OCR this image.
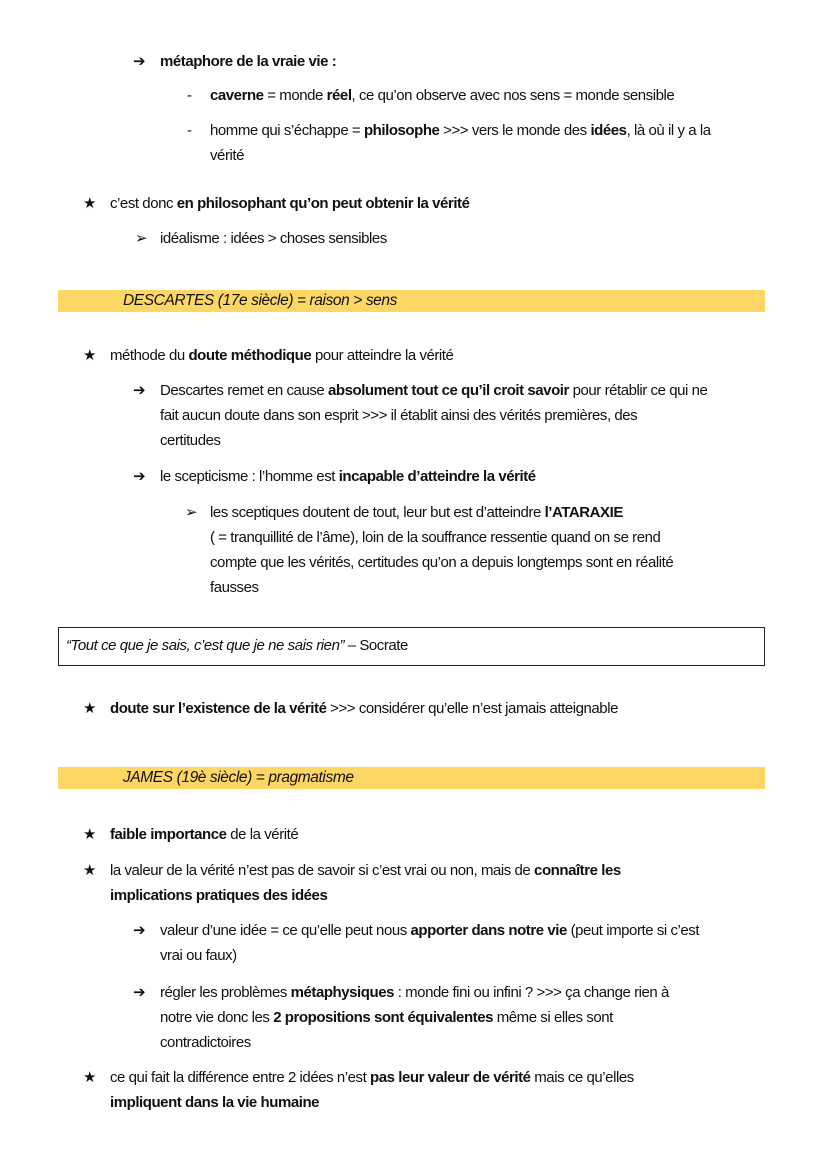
DESCARTES (17e siècle) = raison > sens
JAMES (19è siècle) = pragmatisme
“Tout ce que je sais, c’est que je ne sais rien” – Socrate
➔ métaphore de la vraie vie :
- caverne = monde réel, ce qu’on observe avec nos sens = monde sensible
- homme qui s’échappe = philosophe >>> vers le monde des idées, là où il y a la
vérité
★ c’est donc en philosophant qu’on peut obtenir la vérité
➢ idéalisme : idées > choses sensibles
★ méthode du doute méthodique pour atteindre la vérité
➔ Descartes remet en cause absolument tout ce qu’il croit savoir pour rétablir ce qui ne
fait aucun doute dans son esprit >>> il établit ainsi des vérités premières, des
certitudes
➔ le scepticisme : l’homme est incapable d’atteindre la vérité
➢ les sceptiques doutent de tout, leur but est d’atteindre l’ATARAXIE
( = tranquillité de l’âme), loin de la souffrance ressentie quand on se rend
compte que les vérités, certitudes qu’on a depuis longtemps sont en réalité
fausses
★ doute sur l’existence de la vérité >>> considérer qu’elle n’est jamais atteignable
★ faible importance de la vérité
★ la valeur de la vérité n’est pas de savoir si c’est vrai ou non, mais de connaître les
implications pratiques des idées
➔ valeur d’une idée = ce qu’elle peut nous apporter dans notre vie (peut importe si c’est
vrai ou faux)
➔ régler les problèmes métaphysiques : monde fini ou infini ? >>> ça change rien à
notre vie donc les 2 propositions sont équivalentes même si elles sont
contradictoires
★ ce qui fait la différence entre 2 idées n’est pas leur valeur de vérité mais ce qu’elles
impliquent dans la vie humaine
